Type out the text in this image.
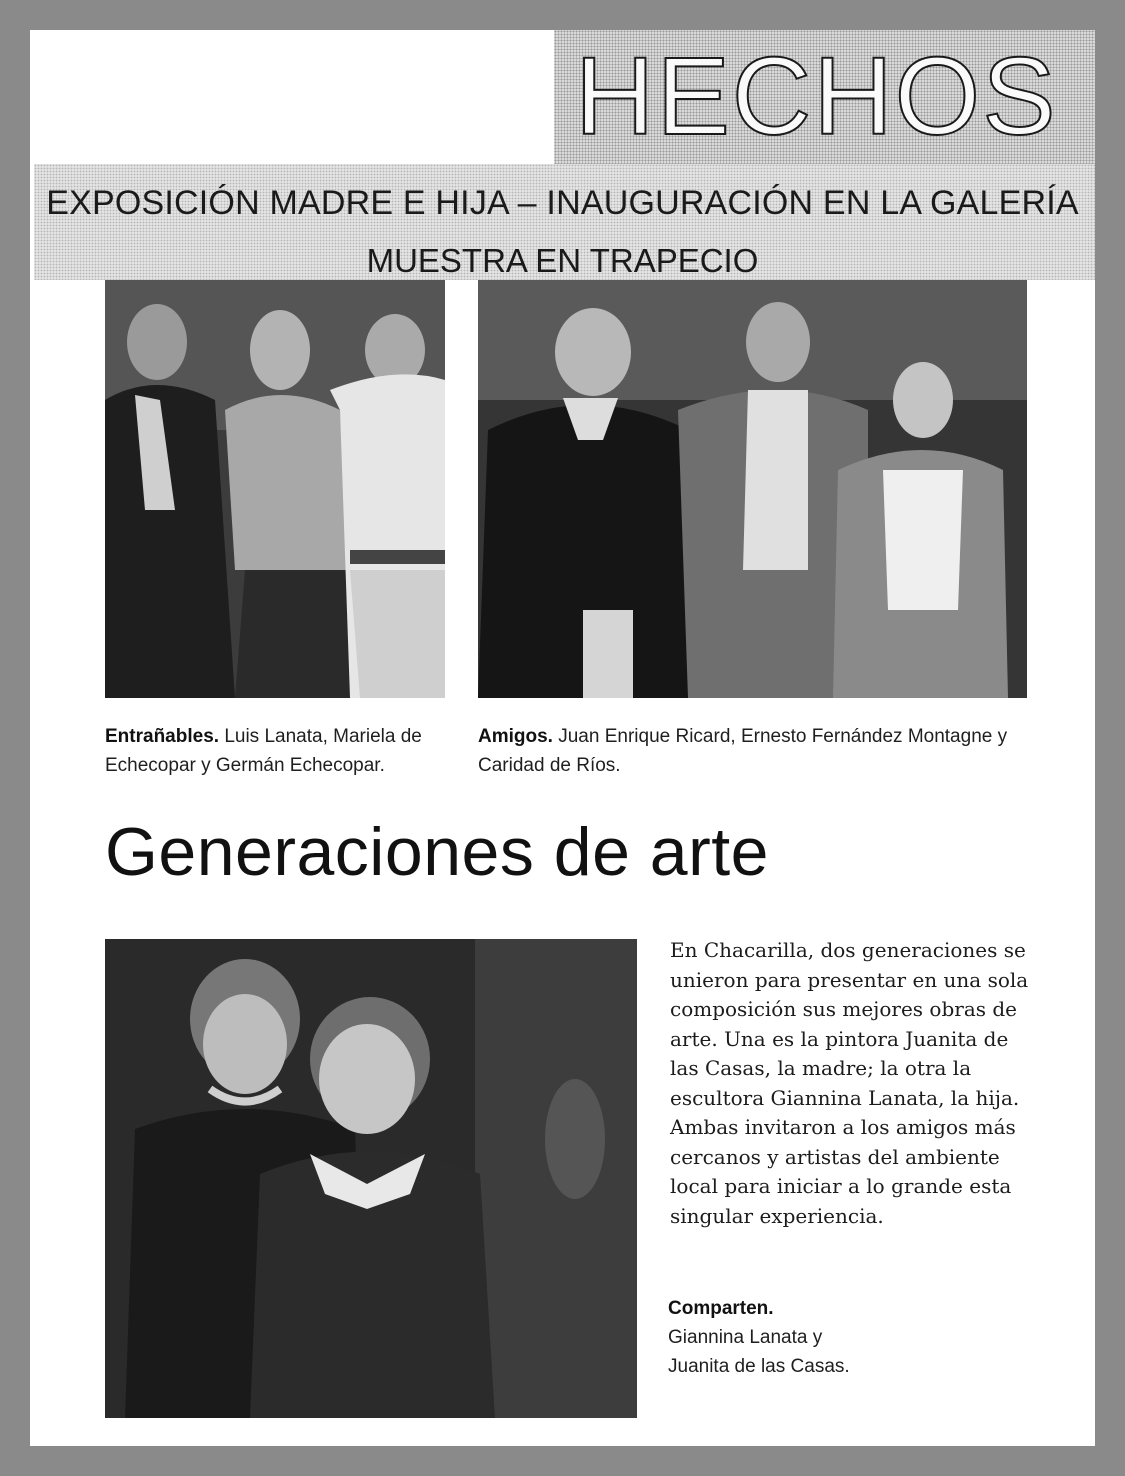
HECHOS
EXPOSICIÓN MADRE E HIJA – INAUGURACIÓN EN LA GALERÍA
MUESTRA EN TRAPECIO
Entrañables. Luis Lanata, Mariela de Echecopar y Germán Echecopar.
Amigos. Juan Enrique Ricard, Ernesto Fernández Montagne y Caridad de Ríos.
Generaciones de arte

En Chacarilla, dos generaciones se unieron para presentar en una sola composición sus mejores obras de arte. Una es la pintora Juanita de las Casas, la madre; la otra la escultora Giannina Lanata, la hija. Ambas invitaron a los amigos más cercanos y artistas del ambiente local para iniciar a lo grande esta singular experiencia.

Comparten.
Giannina Lanata y Juanita de las Casas.
